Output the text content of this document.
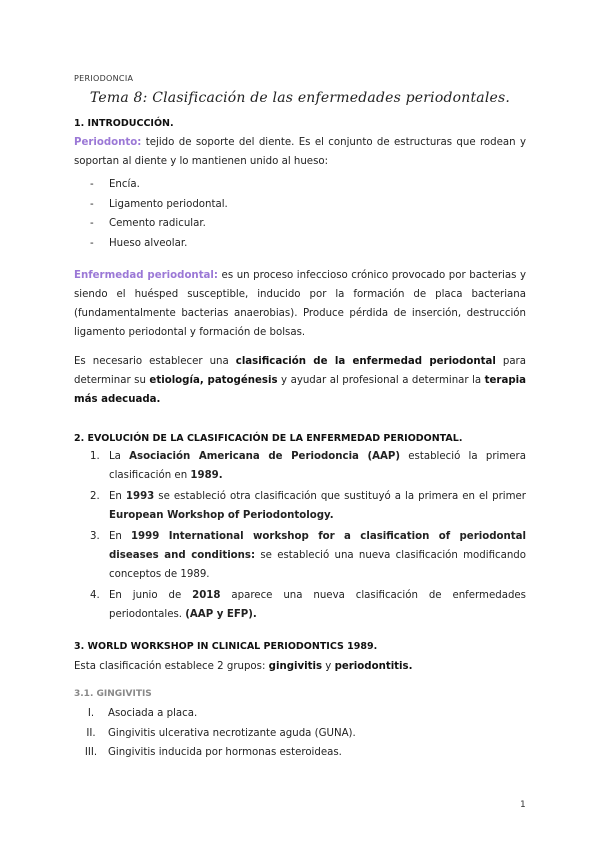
PERIODONCIA
Tema 8: Clasificación de las enfermedades periodontales.
1. INTRODUCCIÓN.
Periodonto: tejido de soporte del diente. Es el conjunto de estructuras que rodean y soportan al diente y lo mantienen unido al hueso:
-	Encía.
-	Ligamento periodontal.
-	Cemento radicular.
-	Hueso alveolar.
Enfermedad periodontal: es un proceso infeccioso crónico provocado por bacterias y siendo el huésped susceptible, inducido por la formación de placa bacteriana (fundamentalmente bacterias anaerobias). Produce pérdida de inserción, destrucción ligamento periodontal y formación de bolsas.
Es necesario establecer una clasificación de la enfermedad periodontal para determinar su etiología, patogénesis y ayudar al profesional a determinar la terapia más adecuada.
2. EVOLUCIÓN DE LA CLASIFICACIÓN DE LA ENFERMEDAD PERIODONTAL.
1. La Asociación Americana de Periodoncia (AAP) estableció la primera clasificación en 1989.
2. En 1993 se estableció otra clasificación que sustituyó a la primera en el primer European Workshop of Periodontology.
3. En 1999 International workshop for a clasification of periodontal diseases and conditions: se estableció una nueva clasificación modificando conceptos de 1989.
4. En junio de 2018 aparece una nueva clasificación de enfermedades periodontales. (AAP y EFP).
3. WORLD WORKSHOP IN CLINICAL PERIODONTICS 1989.
Esta clasificación establece 2 grupos: gingivitis y periodontitis.
3.1. GINGIVITIS
I.	Asociada a placa.
II.	Gingivitis ulcerativa necrotizante aguda (GUNA).
III.	Gingivitis inducida por hormonas esteroideas.
1
